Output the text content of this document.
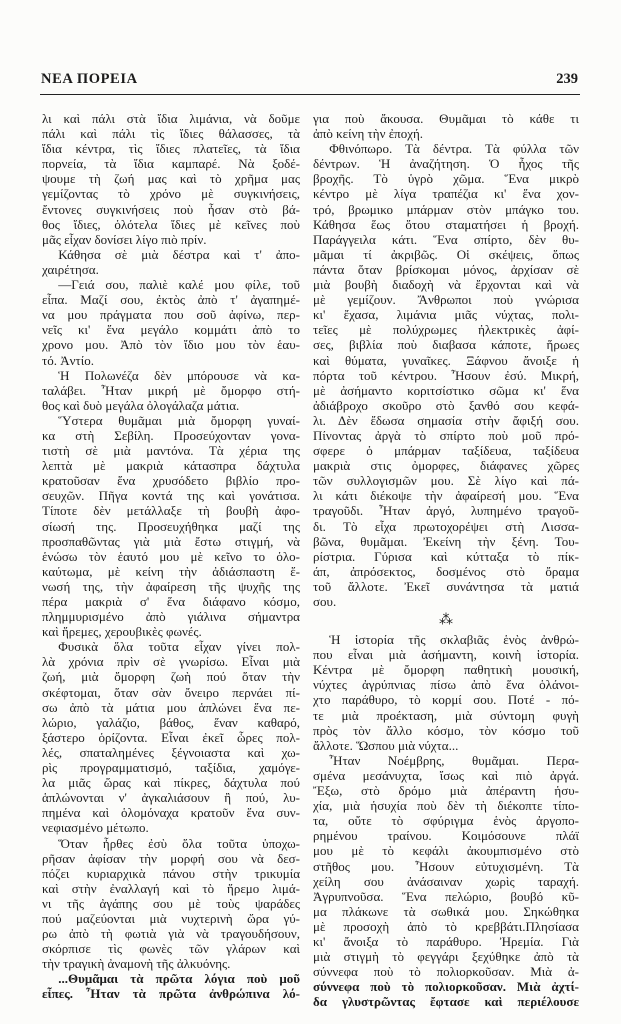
ΝΕΑ ΠΟΡΕΙΑ	239
λι καὶ πάλι στὰ ἴδια λιμάνια, νὰ δοῦμε
πάλι καὶ πάλι τὶς ἴδιες θάλασσες, τὰ
ἴδια κέντρα, τὶς ἴδιες πλατεῖες, τὰ ἴδια
πορνεία, τὰ ἴδια καμπαρέ. Νὰ ξοδέ-
ψουμε τὴ ζωή μας καὶ τὸ χρῆμα μας
γεμίζοντας τὸ χρόνο μὲ συγκινήσεις,
ἔντονες συγκινήσεις ποὺ ἦσαν στὸ βά-
θος ἴδιες, ὁλότελα ἴδιες μὲ κεῖνες ποὺ
μᾶς εἶχαν δονίσει λίγο πιὸ πρίν.
Κάθησα σὲ μιὰ δέστρα καὶ τ' ἀπο-
χαιρέτησα.
—Γειά σου, παλιὲ καλέ μου φίλε, τοῦ
εἶπα. Μαζί σου, ἐκτὸς ἀπὸ τ' ἀγαπημέ-
να μου πράγματα που σοῦ ἀφίνω, περ-
νεῖς κι' ἕνα μεγάλο κομμάτι ἀπὸ το
χρονο μου. Ἀπὸ τὸν ἴδιο μου τὸν ἑαυ-
τό. Ἀντίο.
Ἡ Πολωνέζα δὲν μπόρουσε νὰ κα-
ταλάβει. Ἦταν μικρή μὲ ὄμορφο στή-
θος καὶ δυὸ μεγάλα ὀλογάλαζα μάτια.
Ὕστερα θυμᾶμαι μιὰ ὄμορφη γυναί-
κα στὴ Σεβίλη. Προσεύχονταν γονα-
τιστὴ σὲ μιὰ μαντόνα. Τὰ χέρια της
λεπτὰ μὲ μακριὰ κάτασπρα δάχτυλα
κρατοῦσαν ἕνα χρυσόδετο βιβλίο προ-
σευχῶν. Πῆγα κοντά της καὶ γονάτισα.
Τίποτε δὲν μετάλλαξε τὴ βουβὴ ἀφο-
σίωσή της. Προσευχήθηκα μαζί της
προσπαθῶντας γιὰ μιὰ ἔστω στιγμή, νὰ
ἑνώσω τὸν ἑαυτό μου μὲ κεῖνο το ὁλο-
καύτωμα, μὲ κείνη τὴν ἀδιάσπαστη ἕ-
νωσή της, τὴν ἀφαίρεση τῆς ψυχῆς της
πέρα μακριὰ σ' ἕνα διάφανο κόσμο,
πλημμυρισμένο ἀπὸ γιάλινα σήμαντρα
καὶ ἥρεμες, χερουβικὲς φωνές.
Φυσικὰ ὅλα τοῦτα εἶχαν γίνει πολ-
λὰ χρόνια πρὶν σὲ γνωρίσω. Εἶναι μιὰ
ζωή, μιὰ ὄμορφη ζωὴ πού ὅταν τὴν
σκέφτομαι, ὅταν σὰν ὄνειρο περνάει πί-
σω ἀπὸ τὰ μάτια μου ἁπλώνει ἕνα πε-
λώριο, γαλάζιο, βάθος, ἕναν καθαρό,
ξάστερο ὁρίζοντα. Εἶναι ἐκεῖ ὧρες πολ-
λές, σπαταλημένες ξέγνοιαστα καὶ χω-
ρὶς προγραμματισμό, ταξίδια, χαμόγε-
λα μιᾶς ὥρας καὶ πίκρες, δάχτυλα πού
ἁπλώνονται ν' ἀγκαλιάσουν ἢ πού, λυ-
πημένα καὶ ὁλομόναχα κρατοῦν ἕνα συν-
νεφιασμένο μέτωπο.
Ὅταν ἦρθες ἐσὺ ὅλα τοῦτα ὑποχω-
ρῆσαν ἀφίσαν τὴν μορφή σου νὰ δεσ-
πόζει κυριαρχικὰ πάνου στὴν τρικυμία
καὶ στὴν ἐναλλαγή καὶ τὸ ἥρεμο λιμά-
νι τῆς ἀγάπης σου μὲ τοὺς ψαράδες
πού μαζεύονται μιὰ νυχτερινὴ ὥρα γύ-
ρω ἀπὸ τὴ φωτιὰ γιὰ νὰ τραγουδήσουν,
σκόρπισε τὶς φωνὲς τῶν γλάρων καὶ
τὴν τραγικὴ ἀναμονὴ τῆς ἀλκυόνης.
...Θυμᾶμαι τὰ πρῶτα λόγια ποὺ μοῦ
εἶπες. Ἦταν τὰ πρῶτα ἀνθρώπινα λό-
για ποὺ ἄκουσα. Θυμᾶμαι τὸ κάθε τι
ἀπὸ κείνη τὴν ἐποχή.
Φθινόπωρο. Τὰ δέντρα. Τὰ φύλλα τῶν
δέντρων. Ἡ ἀναζήτηση. Ὁ ἦχος τῆς
βροχῆς. Τὸ ὑγρὸ χῶμα. Ἕνα μικρὸ
κέντρο μὲ λίγα τραπέζια κι' ἕνα χον-
τρό, βρωμικο μπάρμαν στὸν μπάγκο του.
Κάθησα ἕως ὅτου σταματήσει ἡ βροχή.
Παράγγειλα κάτι. Ἕνα σπίρτο, δὲν θυ-
μᾶμαι τί ἀκριβῶς. Οἱ σκέψεις, ὅπως
πάντα ὅταν βρίσκομαι μόνος, ἀρχίσαν σὲ
μιὰ βουβὴ διαδοχὴ νὰ ἔρχονται καὶ νὰ
μὲ γεμίζουν. Ἄνθρωποι ποὺ γνώρισα
κι' ἔχασα, λιμάνια μιᾶς νύχτας, πολι-
τεῖες μὲ πολύχρωμες ἠλεκτρικὲς ἀφί-
σες, βιβλία ποὺ διαβασα κάποτε, ἥρωες
καὶ θύματα, γυναῖκες. Ξάφνου ἄνοιξε ἡ
πόρτα τοῦ κέντρου. Ἦσουν ἐσύ. Μικρή,
μὲ ἀσήμαντο κοριτσίστικο σῶμα κι' ἕνα
ἀδιάβροχο σκοῦρο στὸ ξανθό σου κεφά-
λι. Δὲν ἔδωσα σημασία στὴν ἄφιξή σου.
Πίνοντας ἀργὰ τὸ σπίρτο ποὺ μοῦ πρό-
σφερε ὁ μπάρμαν ταξίδευα, ταξίδευα
μακριὰ στις ὀμορφες, διάφανες χῶρες
τῶν συλλογισμῶν μου. Σὲ λίγο καὶ πά-
λι κάτι διέκοψε τὴν ἀφαίρεσή μου. Ἕνα
τραγοῦδι. Ἦταν ἀργό, λυπημένο τραγοῦ-
δι. Τὸ εἶχα πρωτοχορέψει στὴ Λισσα-
βῶνα, θυμᾶμαι. Ἐκείνη τὴν ξένη. Του-
ρίστρια. Γύρισα καὶ κύτταξα τὸ πίκ-
άπ, ἀπρόσεκτος, δοσμένος στὸ ὄραμα
τοῦ ἄλλοτε. Ἐκεῖ συνάντησα τὰ ματιά
σου.
⁂
Ἡ ἱστορία τῆς σκλαβιᾶς ἑνὸς ἀνθρώ-
που εἶναι μιὰ ἀσήμαντη, κοινὴ ἱστορία.
Κέντρα μὲ ὄμορφη παθητικὴ μουσική,
νύχτες ἀγρύπνιας πίσω ἀπὸ ἕνα ὁλάνοι-
χτο παράθυρο, τὸ κορμί σου. Ποτέ - πό-
τε μιὰ προέκταση, μιὰ σύντομη φυγὴ
πρὸς τὸν ἄλλο κόσμο, τὸν κόσμο τοῦ
ἄλλοτε. Ὥσπου μιὰ νύχτα...
Ἦταν Νοέμβρης, θυμᾶμαι. Περα-
σμένα μεσάνυχτα, ἴσως καὶ πιὸ ἀργά.
Ἔξω, στὸ δρόμο μιὰ ἀπέραντη ἡσυ-
χία, μιὰ ἡσυχία ποὺ δὲν τὴ διέκοπτε τίπο-
τα, οὔτε τὸ σφύριγμα ἑνὸς ἀργοπο-
ρημένου τραίνου. Κοιμόσουνε πλάϊ
μου μὲ τὸ κεφάλι ἀκουμπισμένο στὸ
στῆθος μου. Ἦσουν εὐτυχισμένη. Τὰ
χείλη σου ἀνάσαιναν χωρὶς ταραχή.
Ἀγρυπνοῦσα. Ἕνα πελώριο, βουβό κῦ-
μα πλάκωνε τὰ σωθικά μου. Σηκώθηκα
μὲ προσοχὴ ἀπὸ τὸ κρεββάτι.Πλησίασα
κι' ἄνοιξα τὸ παράθυρο. Ἠρεμία. Γιὰ
μιὰ στιγμὴ τὸ φεγγάρι ξεχύθηκε ἀπὸ τὰ
σύννεφα ποὺ τὸ πολιορκοῦσαν. Μιὰ ἀ-
σύννεφα ποὺ τὸ πολιορκοῦσαν. Μιὰ ἀχτί-
δα γλυστρῶντας ἔφτασε καὶ περιέλουσε
